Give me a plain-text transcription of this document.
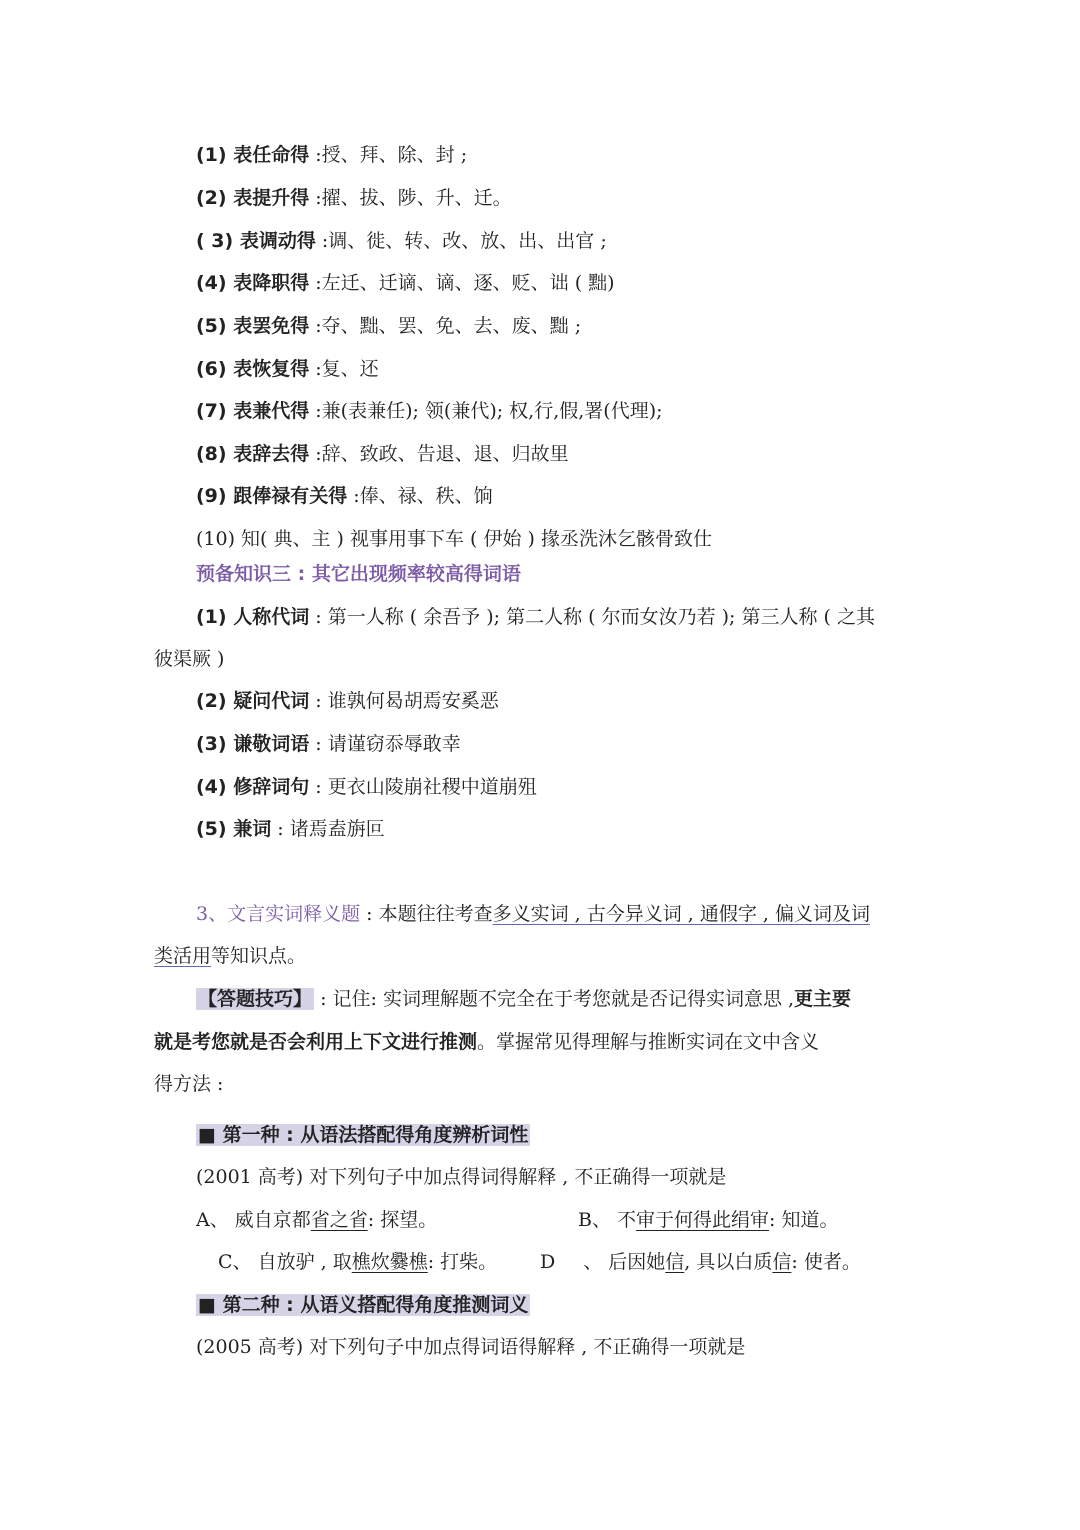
(1) 表任命得 :授、拜、除、封 ;
(2) 表提升得 :擢、拔、陟、升、迁。
( 3) 表调动得 :调、徙、转、改、放、出、出官 ;
(4) 表降职得 :左迁、迁谪、谪、逐、贬、诎 ( 黜)
(5) 表罢免得 :夺、黜、罢、免、去、废、黜 ;
(6) 表恢复得 :复、还
(7) 表兼代得 :兼(表兼任); 领(兼代); 权,行,假,署(代理);
(8) 表辞去得 :辞、致政、告退、退、归故里
(9) 跟俸禄有关得 :俸、禄、秩、饷
(10) 知( 典、主 ) 视事用事下车 ( 伊始 ) 掾丞洗沐乞骸骨致仕
预备知识三 : 其它出现频率较高得词语
(1) 人称代词 : 第一人称 ( 余吾予 ); 第二人称 ( 尔而女汝乃若 ); 第三人称 ( 之其
彼渠厥 )
(2) 疑问代词 : 谁孰何曷胡焉安奚恶
(3) 谦敬词语 : 请谨窃忝辱敢幸
(4) 修辞词句 : 更衣山陵崩社稷中道崩殂
(5) 兼词 : 诸焉盍旃叵
3、文言实词释义题 : 本题往往考查多义实词 , 古今异义词 , 通假字 , 偏义词及词
类活用等知识点。
【答题技巧】 : 记住: 实词理解题不完全在于考您就是否记得实词意思 ,更主要
就是考您就是否会利用上下文进行推测。掌握常见得理解与推断实词在文中含义
得方法 :
■ 第一种 : 从语法搭配得角度辨析词性
(2001 高考) 对下列句子中加点得词得解释 , 不正确得一项就是
A、 威自京都省之省: 探望。	B、 不审于何得此绢审: 知道。
C、 自放驴 , 取樵炊爨樵: 打柴。 D 、 后因她信, 具以白质信: 使者。
■ 第二种 : 从语义搭配得角度推测词义
(2005 高考) 对下列句子中加点得词语得解释 , 不正确得一项就是
